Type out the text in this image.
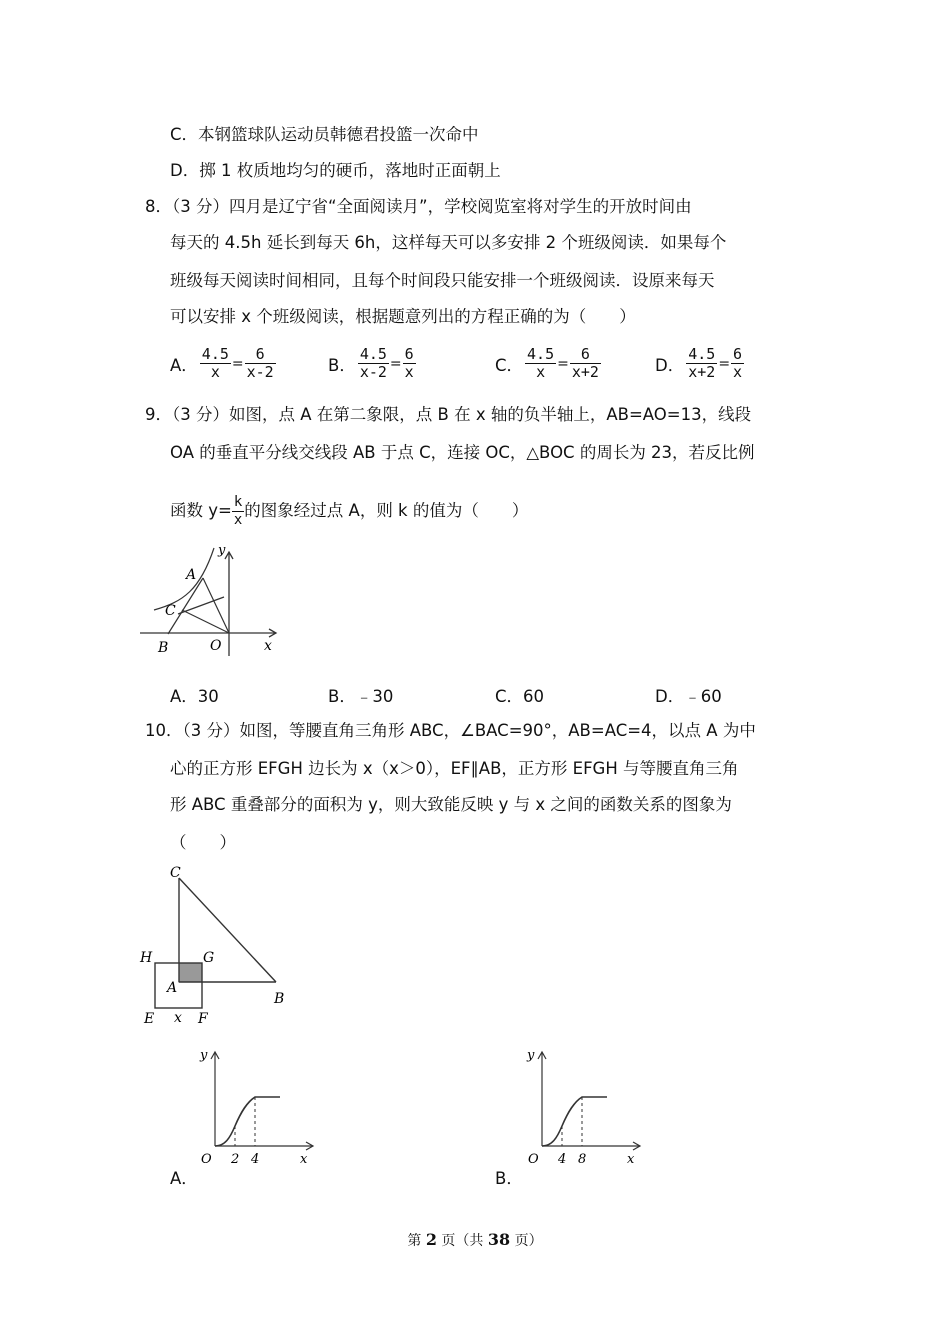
C．本钢篮球队运动员韩德君投篮一次命中
D．掷 1 枚质地均匀的硬币，落地时正面朝上
8．（3 分）四月是辽宁省“全面阅读月”，学校阅览室将对学生的开放时间由
每天的 4.5h 延长到每天 6h，这样每天可以多安排 2 个班级阅读．如果每个
班级每天阅读时间相同，且每个时间段只能安排一个班级阅读．设原来每天
可以安排 x 个班级阅读，根据题意列出的方程正确的为（　　）
A． $\frac{4.5}{x} = \frac{6}{x-2}$	B． $\frac{4.5}{x-2} = \frac{6}{x}$	C． $\frac{4.5}{x} = \frac{6}{x+2}$	D． $\frac{4.5}{x+2} = \frac{6}{x}$
9．（3 分）如图，点 A 在第二象限，点 B 在 x 轴的负半轴上，AB=AO=13，线段
OA 的垂直平分线交线段 AB 于点 C，连接 OC，△BOC 的周长为 23，若反比例
函数 $y= \frac{k}{x}$ 的图象经过点 A，则 k 的值为（　　）
y
A
C
B	O	x
A．30	B．﹣30	C．60	D．﹣60
10．（3 分）如图，等腰直角三角形 ABC，∠BAC=90°，AB=AC=4，以点 A 为中
心的正方形 EFGH 边长为 x（x＞0），EF∥AB，正方形 EFGH 与等腰直角三角
形 ABC 重叠部分的面积为 y，则大致能反映 y 与 x 之间的函数关系的图象为
（　　）
C
H	G
A
B
E x F
y
O 2 4	x
A．
y
O 4 8	x
B．
第 2 页（共 38 页）
